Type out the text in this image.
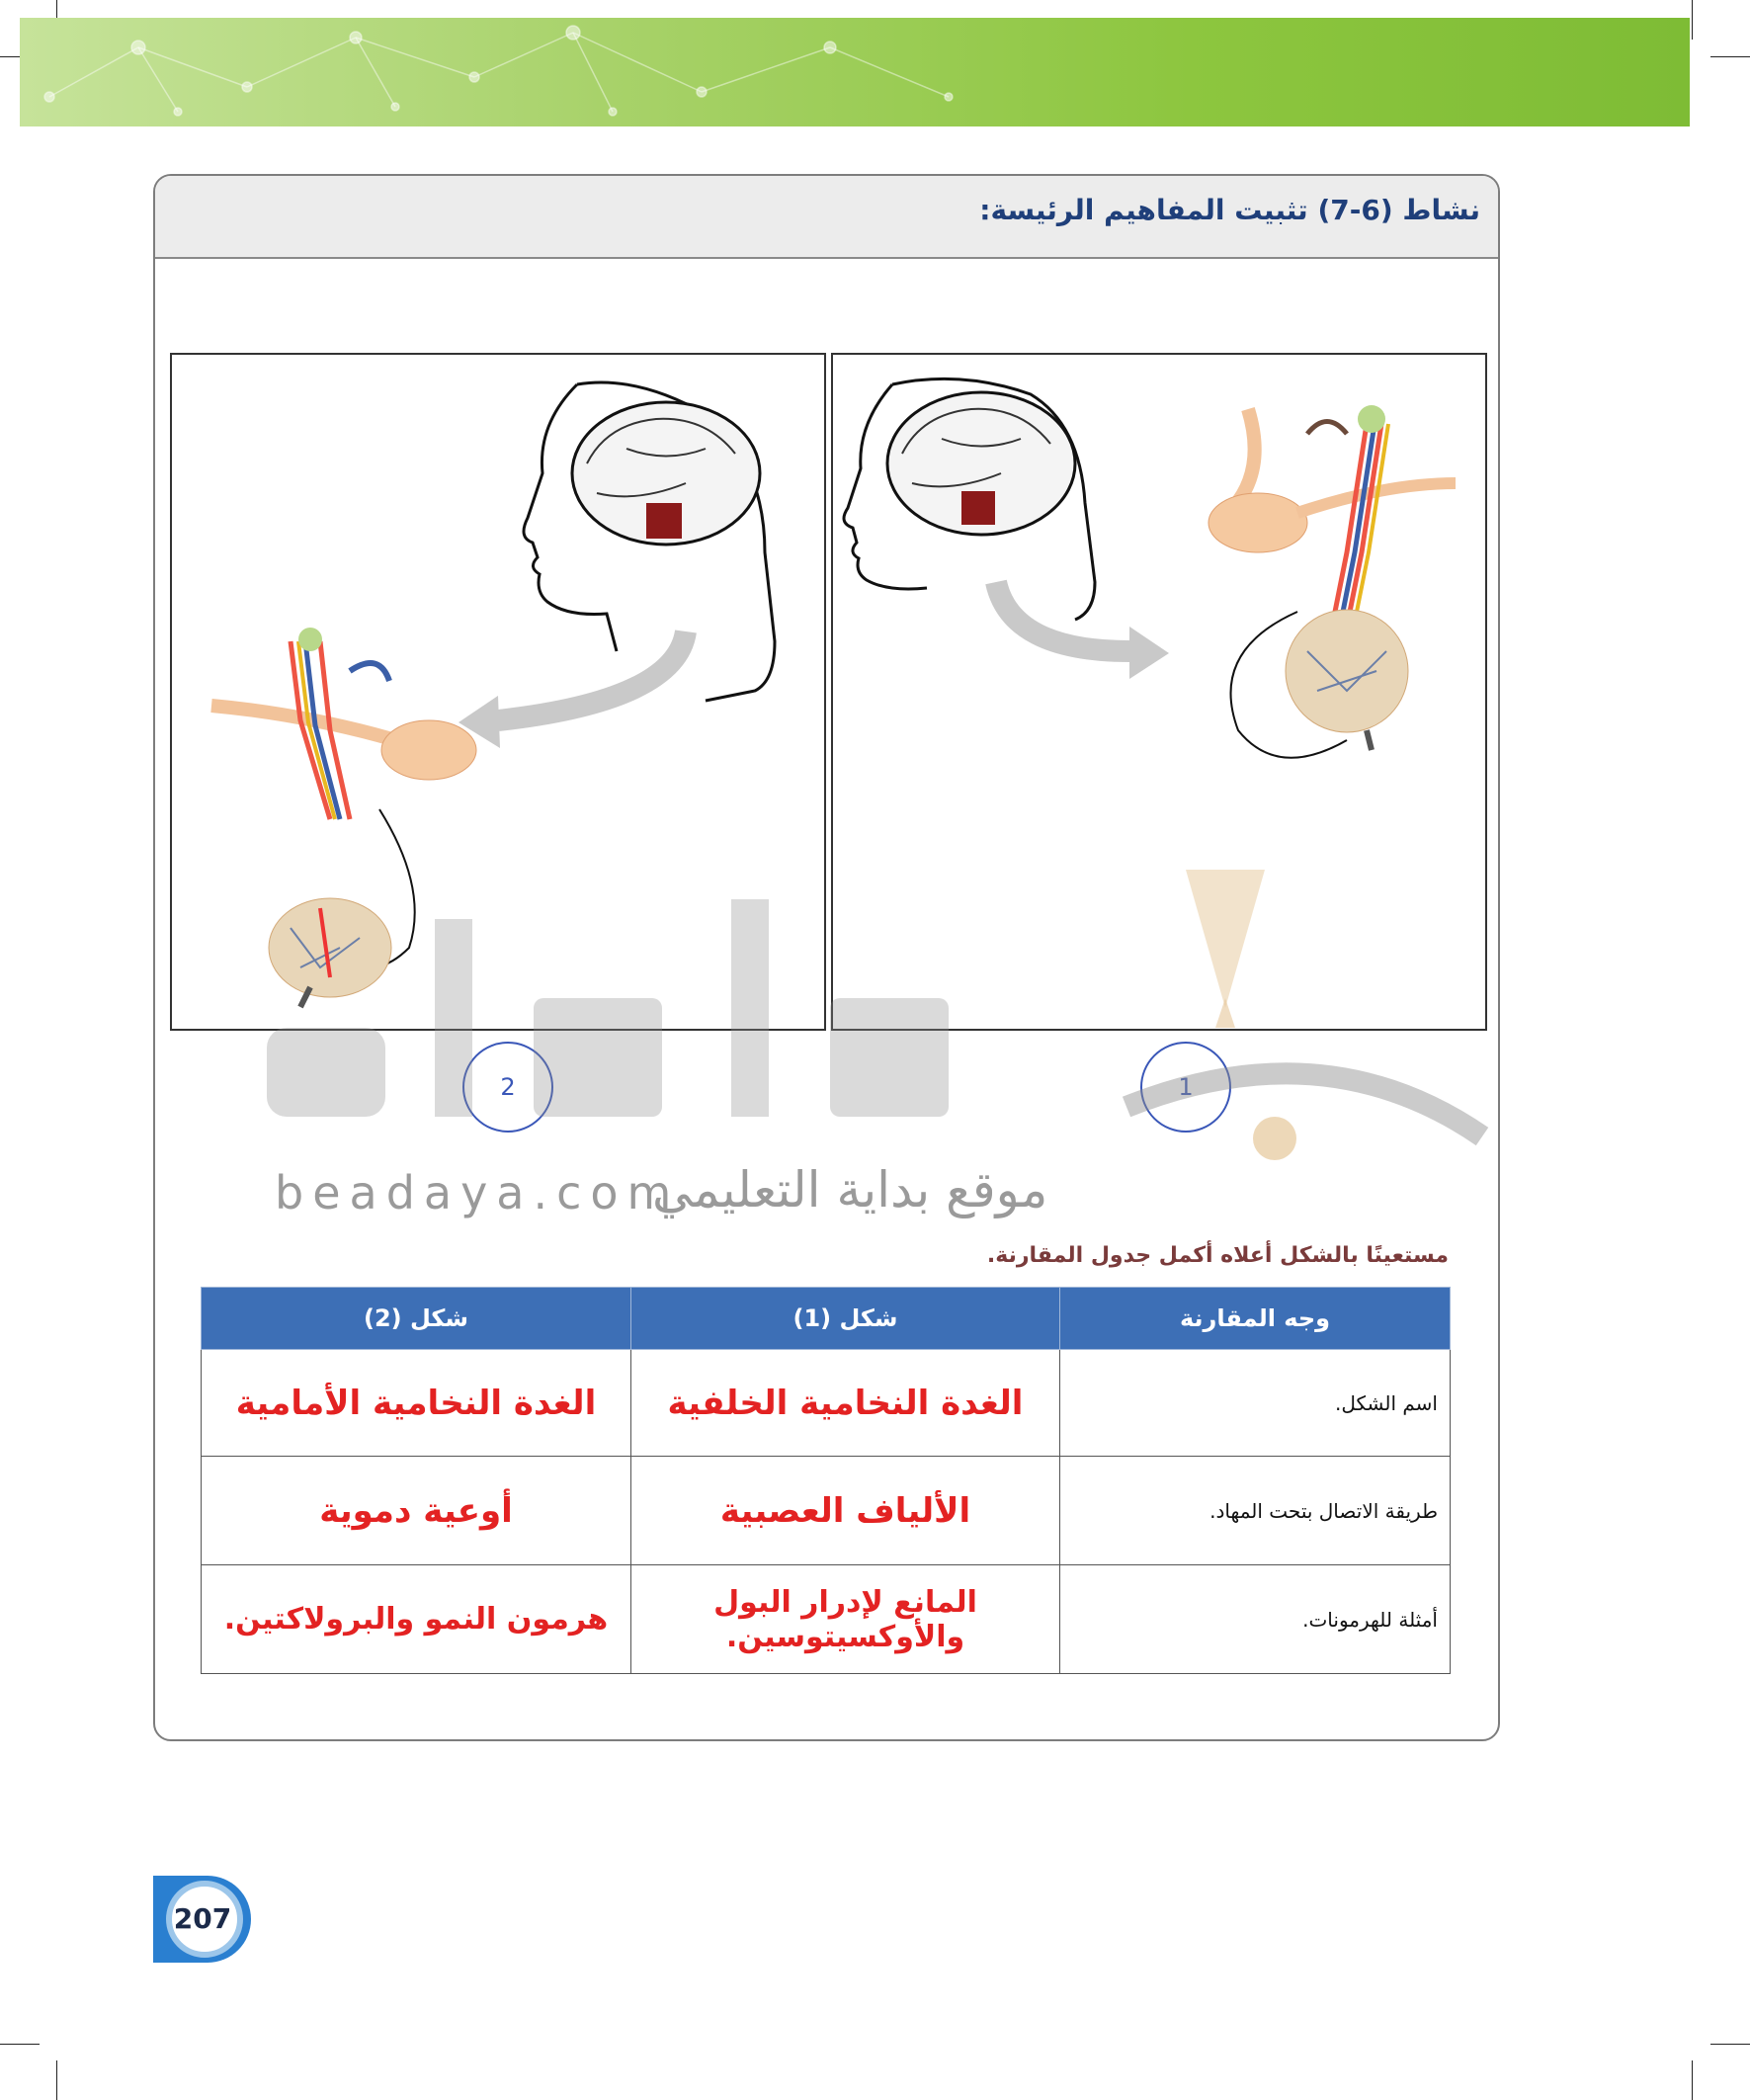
نشاط (6-7) تثبيت المفاهيم الرئيسة:
2	1
بداية
beadaya.com
موقع بداية التعليمي
مستعينًا بالشكل أعلاه أكمل جدول المقارنة.
وجه المقارنة	شكل (1)	شكل (2)
اسم الشكل.	الغدة النخامية الخلفية	الغدة النخامية الأمامية
طريقة الاتصال بتحت المهاد.	الألياف العصبية	أوعية دموية
أمثلة للهرمونات.	المانع لإدرار البول والأوكسيتوسين.	هرمون النمو والبرولاكتين.
207
